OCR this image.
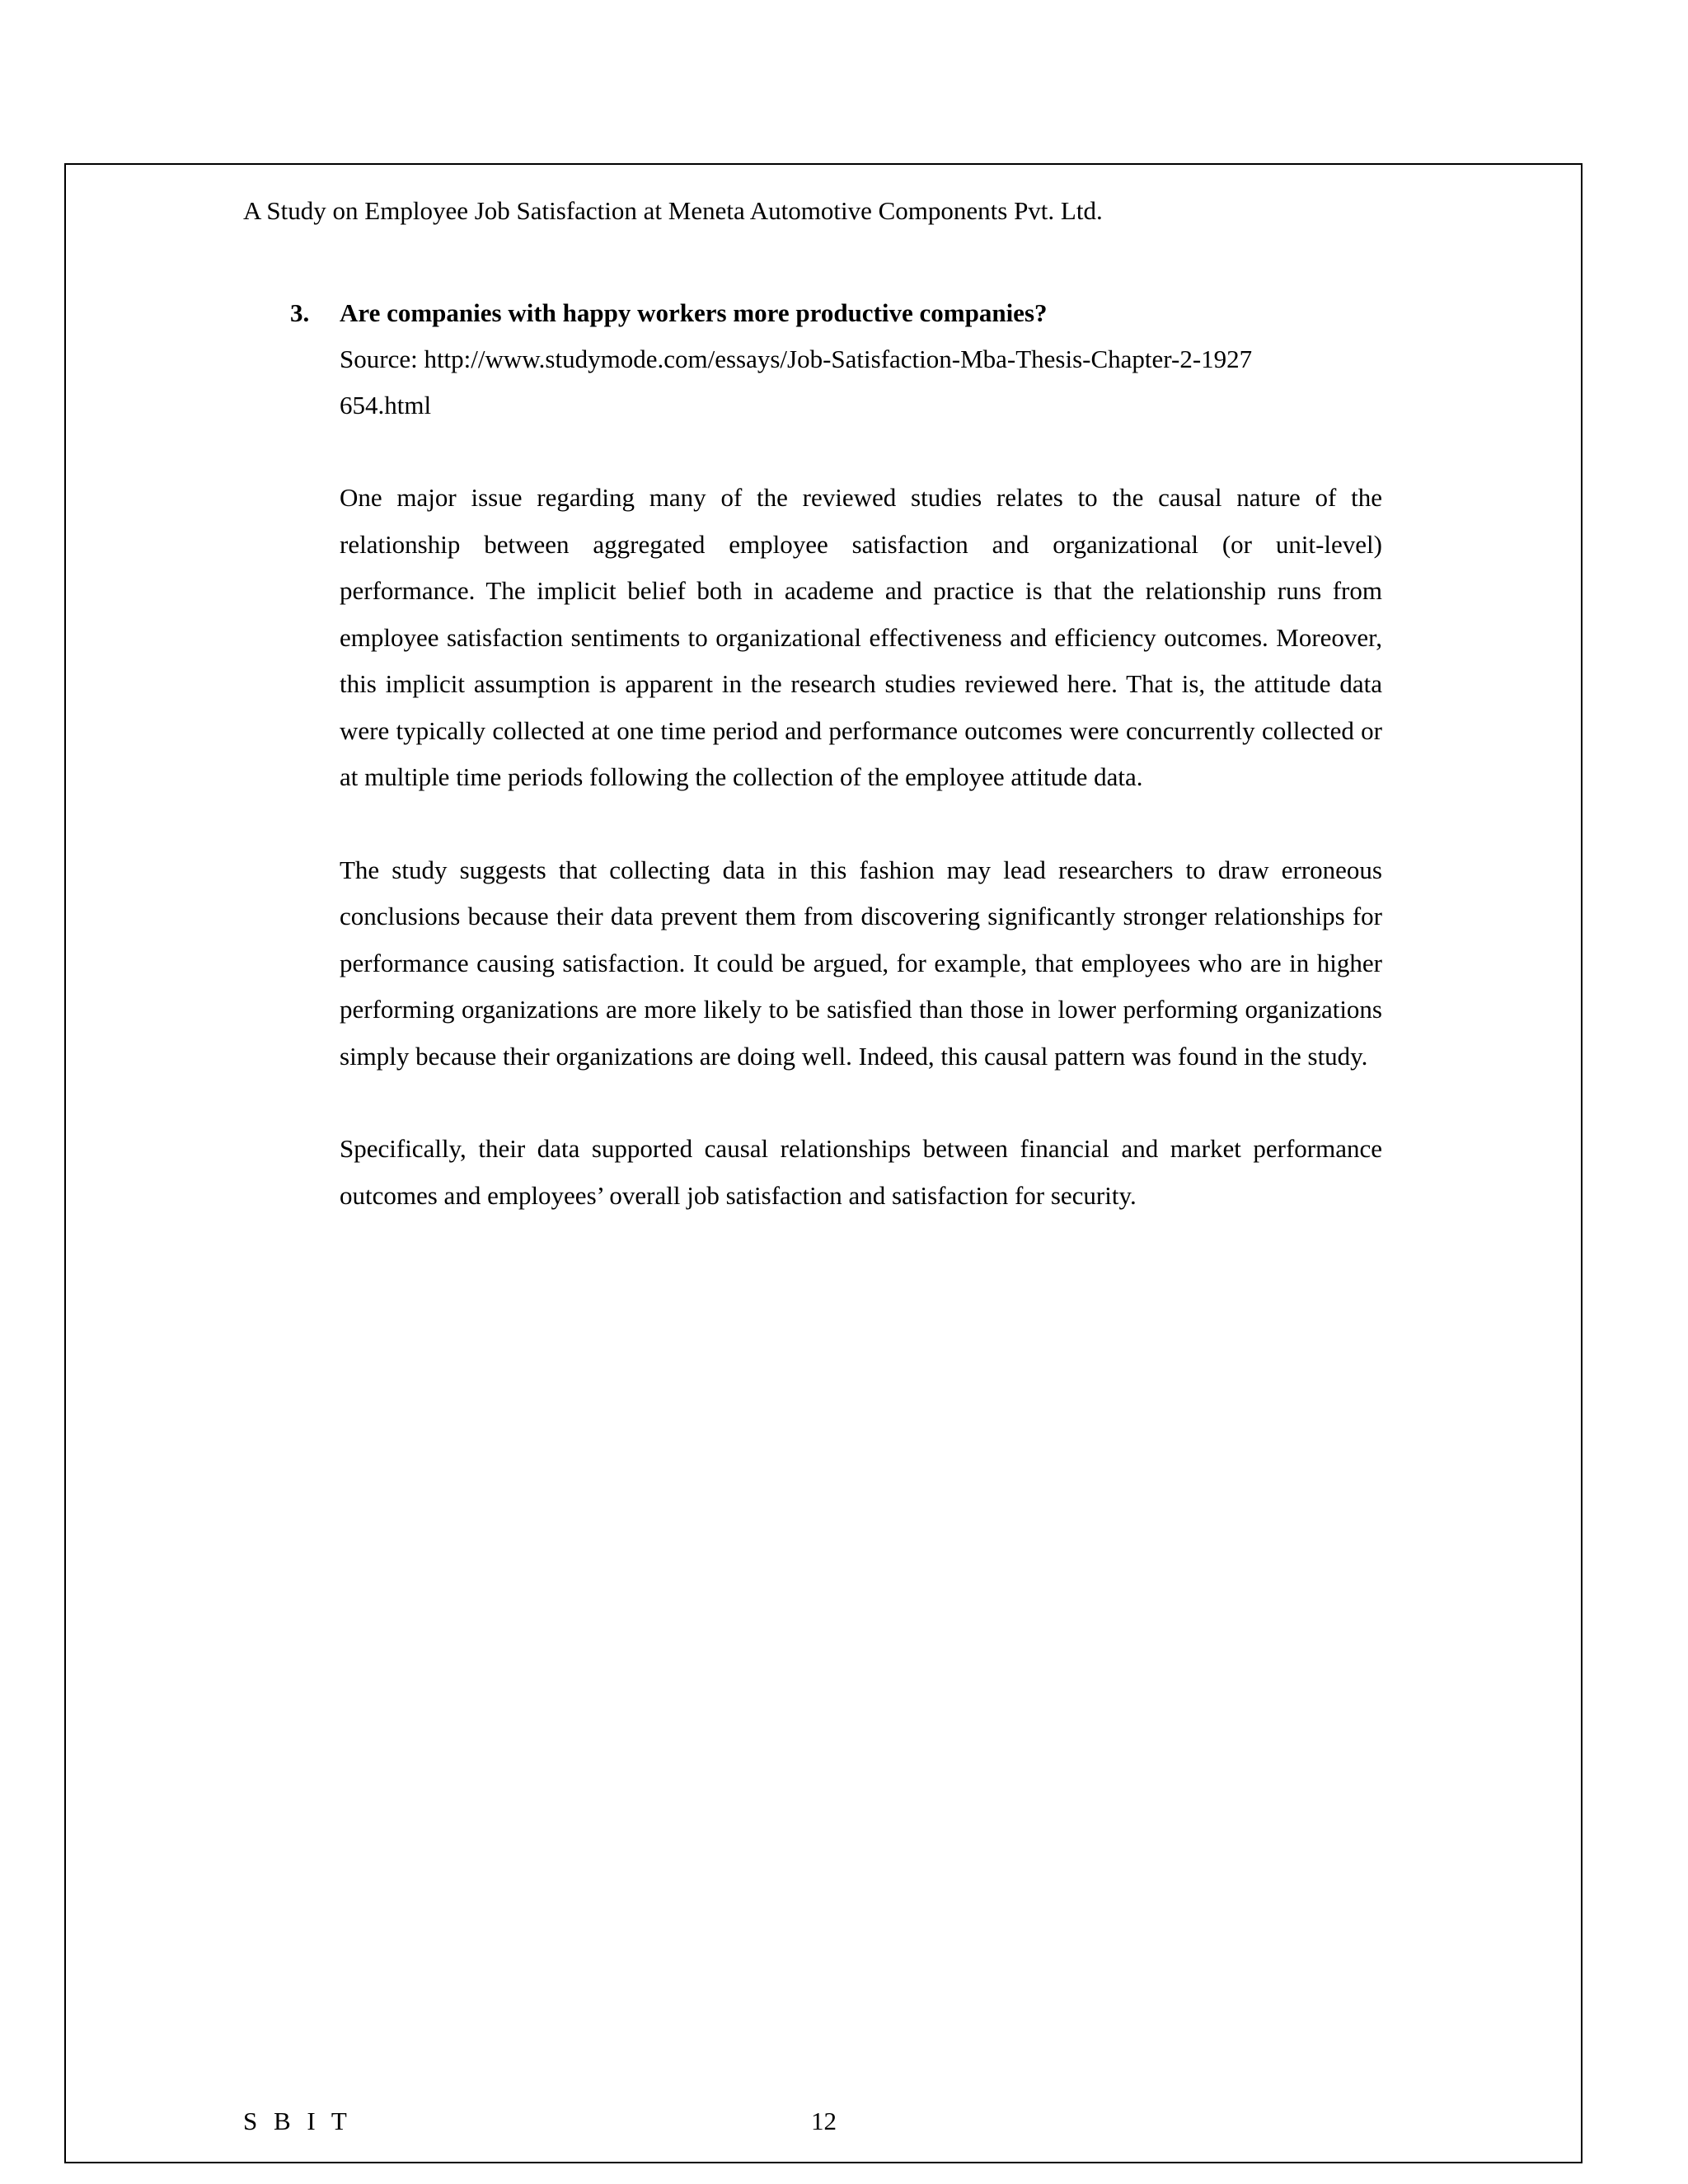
A Study on Employee Job Satisfaction at Meneta Automotive Components Pvt. Ltd.
3. Are companies with happy workers more productive companies?

Source: http://www.studymode.com/essays/Job-Satisfaction-Mba-Thesis-Chapter-2-1927654.html

One major issue regarding many of the reviewed studies relates to the causal nature of the relationship between aggregated employee satisfaction and organizational (or unit-level) performance. The implicit belief both in academe and practice is that the relationship runs from employee satisfaction sentiments to organizational effectiveness and efficiency outcomes. Moreover, this implicit assumption is apparent in the research studies reviewed here. That is, the attitude data were typically collected at one time period and performance outcomes were concurrently collected or at multiple time periods following the collection of the employee attitude data.

The study suggests that collecting data in this fashion may lead researchers to draw erroneous conclusions because their data prevent them from discovering significantly stronger relationships for performance causing satisfaction. It could be argued, for example, that employees who are in higher performing organizations are more likely to be satisfied than those in lower performing organizations simply because their organizations are doing well. Indeed, this causal pattern was found in the study.

Specifically, their data supported causal relationships between financial and market performance outcomes and employees’ overall job satisfaction and satisfaction for security.

S B I T	12
